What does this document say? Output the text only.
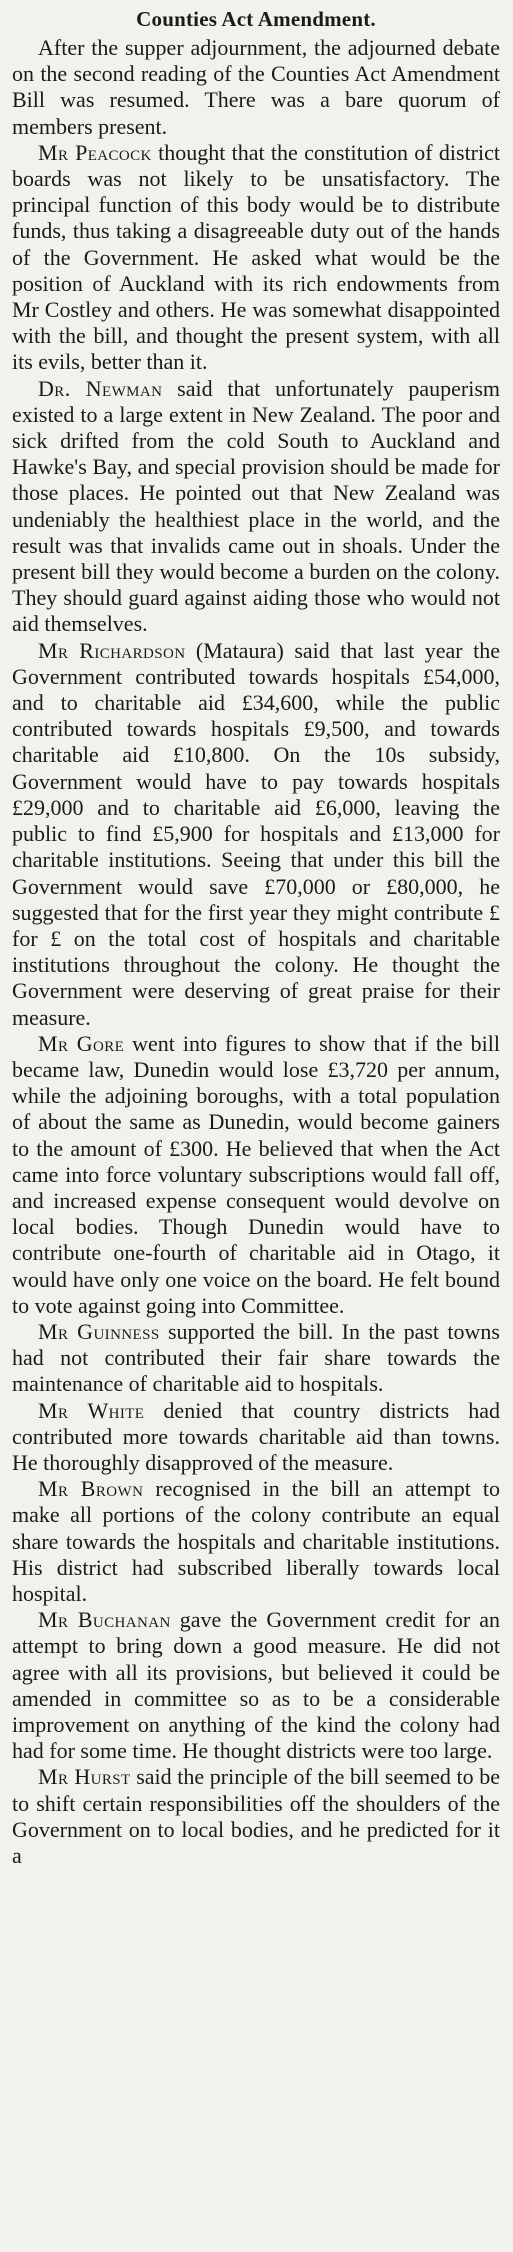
Counties Act Amendment.

After the supper adjournment, the adjourned debate on the second reading of the Counties Act Amendment Bill was resumed. There was a bare quorum of members present.

Mr Peacock thought that the constitution of district boards was not likely to be unsatisfactory. The principal function of this body would be to distribute funds, thus taking a disagreeable duty out of the hands of the Government. He asked what would be the position of Auckland with its rich endowments from Mr Costley and others. He was somewhat disappointed with the bill, and thought the present system, with all its evils, better than it.

Dr. Newman said that unfortunately pauperism existed to a large extent in New Zealand. The poor and sick drifted from the cold South to Auckland and Hawke's Bay, and special provision should be made for those places. He pointed out that New Zealand was undeniably the healthiest place in the world, and the result was that invalids came out in shoals. Under the present bill they would become a burden on the colony. They should guard against aiding those who would not aid themselves.

Mr Richardson (Mataura) said that last year the Government contributed towards hospitals £54,000, and to charitable aid £34,600, while the public contributed towards hospitals £9,500, and towards charitable aid £10,800. On the 10s subsidy, Government would have to pay towards hospitals £29,000 and to charitable aid £6,000, leaving the public to find £5,900 for hospitals and £13,000 for charitable institutions. Seeing that under this bill the Government would save £70,000 or £80,000, he suggested that for the first year they might contribute £ for £ on the total cost of hospitals and charitable institutions throughout the colony. He thought the Government were deserving of great praise for their measure.

Mr Gore went into figures to show that if the bill became law, Dunedin would lose £3,720 per annum, while the adjoining boroughs, with a total population of about the same as Dunedin, would become gainers to the amount of £300. He believed that when the Act came into force voluntary subscriptions would fall off, and increased expense consequent would devolve on local bodies. Though Dunedin would have to contribute one-fourth of charitable aid in Otago, it would have only one voice on the board. He felt bound to vote against going into Committee.

Mr Guinness supported the bill. In the past towns had not contributed their fair share towards the maintenance of charitable aid to hospitals.

Mr White denied that country districts had contributed more towards charitable aid than towns. He thoroughly disapproved of the measure.

Mr Brown recognised in the bill an attempt to make all portions of the colony contribute an equal share towards the hospitals and charitable institutions. His district had subscribed liberally towards local hospital.

Mr Buchanan gave the Government credit for an attempt to bring down a good measure. He did not agree with all its provisions, but believed it could be amended in committee so as to be a considerable improvement on anything of the kind the colony had had for some time. He thought districts were too large.

Mr Hurst said the principle of the bill seemed to be to shift certain responsibilities off the shoulders of the Government on to local bodies, and he predicted for it a
